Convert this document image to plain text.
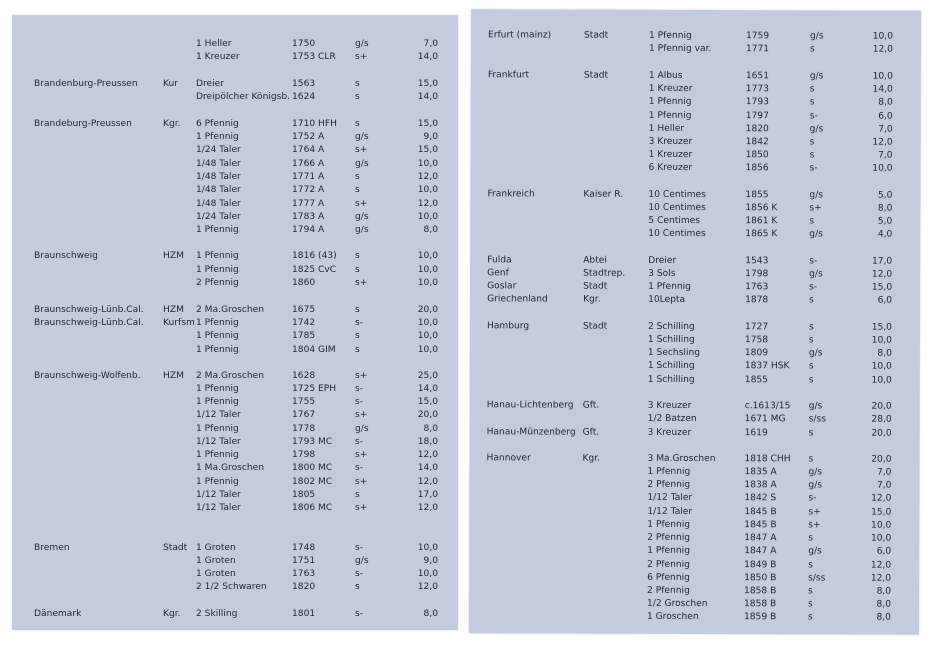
1 Heller	1750	g/s	7,0
1 Kreuzer	1753 CLR s+	14,0
Brandenburg-Preussen	Kur Dreier	1563	s	15,0
Dreipölcher Königsb. 1624	s	14,0
Brandeburg-Preussen	Kgr. 6 Pfennig	1710 HFH s	15,0
1 Pfennig	1752 A	g/s	9,0
1/24 Taler	1764 A	s+	15,0
1/48 Taler	1766 A	g/s	10,0
1/48 Taler	1771 A	s	12,0
1/48 Taler	1772 A	s	10,0
1/48 Taler	1777 A	s+	12,0
1/24 Taler	1783 A	g/s	10,0
1 Pfennig	1794 A	g/s	8,0
Braunschweig	HZM 1 Pfennig	1816 (43) s	10,0
1 Pfennig	1825 CvC s	10,0
2 Pfennig	1860	s+	10,0
Braunschweig-Lünb.Cal. HZM 2 Ma.Groschen	1675	s	20,0
Braunschweig-Lünb.Cal. Kurfsm 1 Pfennig	1742	s-	10,0
1 Pfennig	1785	s	10,0
1 Pfennig	1804 GIM s	10,0
Braunschweig-Wolfenb. HZM 2 Ma.Groschen	1628	s+	25,0
1 Pfennig	1725 EPH s-	14,0
1 Pfennig	1755	s-	15,0
1/12 Taler	1767	s+	20,0
1 Pfennig	1778	g/s	8,0
1/12 Taler	1793 MC	s-	18,0
1 Pfennig	1798	s+	12,0
1 Ma.Groschen	1800 MC	s-	14,0
1 Pfennig	1802 MC	s+	12,0
1/12 Taler	1805	s	17,0
1/12 Taler	1806 MC	s+	12,0
Bremen	Stadt 1 Groten	1748	s-	10,0
1 Groten	1751	g/s	9,0
1 Groten	1763	s-	10,0
2 1/2 Schwaren	1820	s	12,0
Dänemark	Kgr. 2 Skilling	1801	s-	8,0
Erfurt (mainz)	Stadt	1 Pfennig	1759	g/s	10,0
1 Pfennig var.	1771	s	12,0
Frankfurt	Stadt	1 Albus	1651	g/s	10,0
1 Kreuzer	1773	s	14,0
1 Pfennig	1793	s	8,0
1 Pfennig	1797	s-	6,0
1 Heller	1820	g/s	7,0
3 Kreuzer	1842	s	12,0
1 Kreuzer	1850	s	7,0
6 Kreuzer	1856	s-	10,0
Frankreich	Kaiser R.	10 Centimes	1855	g/s	5,0
10 Centimes	1856 K	s+	8,0
5 Centimes	1861 K	s	5,0
10 Centimes	1865 K	g/s	4,0
Fulda	Abtei	Dreier	1543	s-	17,0
Genf	Stadtrep.	3 Sols	1798	g/s	12,0
Goslar	Stadt	1 Pfennig	1763	s-	15,0
Griechenland	Kgr.	10Lepta	1878	s	6,0
Hamburg	Stadt	2 Schilling	1727	s	15,0
1 Schilling	1758	s	10,0
1 Sechsling	1809	g/s	8,0
1 Schilling	1837 HSK s	10,0
1 Schilling	1855	s	10,0
Hanau-Lichtenberg Gft.	3 Kreuzer	c.1613/15 g/s	20,0
1/2 Batzen	1671 MG	s/ss	28,0
Hanau-Münzenberg Gft.	3 Kreuzer	1619	s	20,0
Hannover	Kgr.	3 Ma.Groschen	1818 CHH s	20,0
1 Pfennig	1835 A	g/s	7,0
2 Pfennig	1838 A	g/s	7,0
1/12 Taler	1842 S	s-	12,0
1/12 Taler	1845 B	s+	15,0
1 Pfennig	1845 B	s+	10,0
2 Pfennig	1847 A	s	10,0
1 Pfennig	1847 A	g/s	6,0
2 Pfennig	1849 B	s	12,0
6 Pfennig	1850 B	s/ss	12,0
2 Pfennig	1858 B	s	8,0
1/2 Groschen	1858 B	s	8,0
1 Groschen	1859 B	s	8,0
